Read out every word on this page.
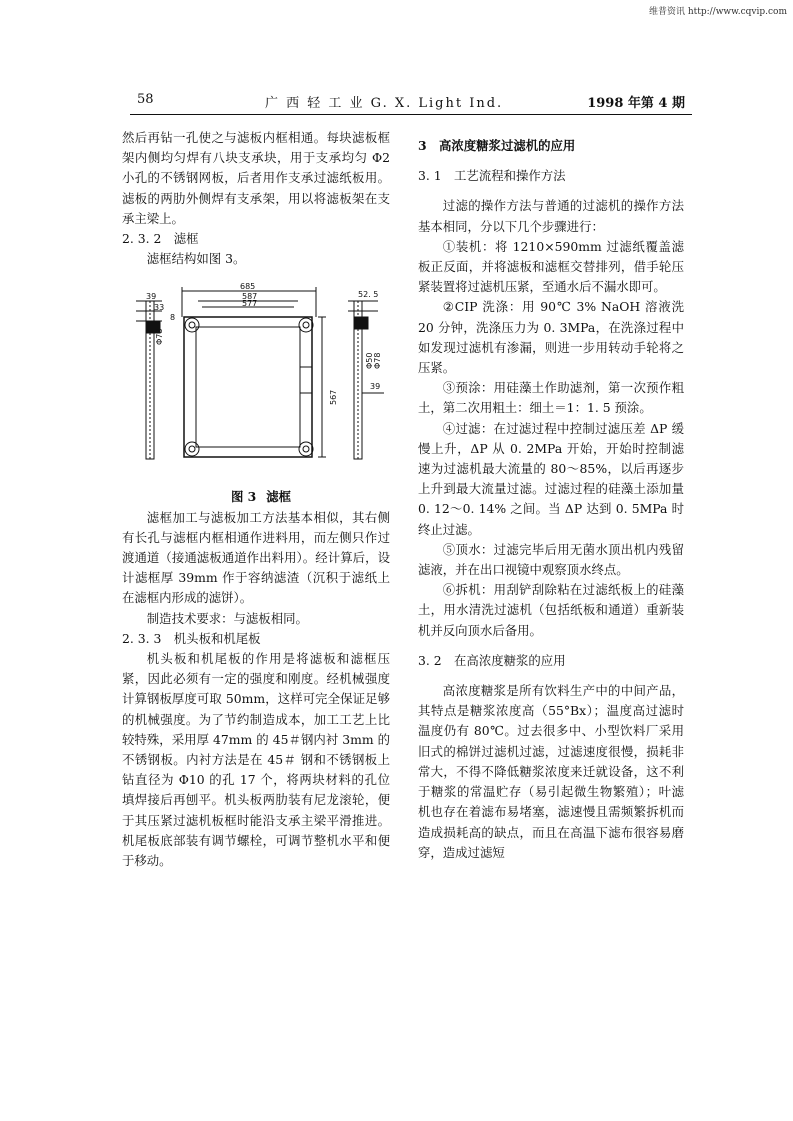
维普资讯 http://www.cqvip.com
58	广 西 轻 工 业 G. X. Light Ind.	1998 年第 4 期

然后再钻一孔使之与滤板内框相通。每块滤板框架内侧均匀焊有八块支承块，用于支承均匀 Φ2 小孔的不锈钢网板，后者用作支承过滤纸板用。滤板的两肋外侧焊有支承架，用以将滤板架在支承主梁上。

2. 3. 2　滤框

滤框结构如图 3。

39
33
8
Φ78
685
587
577
567
52. 5
Φ50 Φ78
39

图 3 滤框

滤框加工与滤板加工方法基本相似，其右侧有长孔与滤框内框相通作进料用，而左侧只作过渡通道（接通滤板通道作出料用）。经计算后，设计滤框厚 39mm 作于容纳滤渣（沉积于滤纸上在滤框内形成的滤饼）。

制造技术要求：与滤板相同。

2. 3. 3　机头板和机尾板

机头板和机尾板的作用是将滤板和滤框压紧，因此必须有一定的强度和刚度。经机械强度计算钢板厚度可取 50mm，这样可完全保证足够的机械强度。为了节约制造成本，加工工艺上比较特殊，采用厚 47mm 的 45＃钢内衬 3mm 的不锈钢板。内衬方法是在 45＃ 钢和不锈钢板上钻直径为 Φ10 的孔 17 个，将两块材料的孔位填焊接后再刨平。机头板两肋装有尼龙滚轮，便于其压紧过滤机板框时能沿支承主梁平滑推进。机尾板底部装有调节螺栓，可调节整机水平和便于移动。

3　高浓度糖浆过滤机的应用

3. 1　工艺流程和操作方法

过滤的操作方法与普通的过滤机的操作方法基本相同，分以下几个步骤进行：

①装机：将 1210×590mm 过滤纸覆盖滤板正反面，并将滤板和滤框交替排列，借手轮压紧装置将过滤机压紧，至通水后不漏水即可。

②CIP 洗涤：用 90℃ 3% NaOH 溶液洗 20 分钟，洗涤压力为 0. 3MPa，在洗涤过程中如发现过滤机有渗漏，则进一步用转动手轮将之压紧。

③预涂：用硅藻土作助滤剂，第一次预作粗土，第二次用粗土：细土＝1：1. 5 预涂。

④过滤：在过滤过程中控制过滤压差 ΔP 缓慢上升，ΔP 从 0. 2MPa 开始，开始时控制滤速为过滤机最大流量的 80～85%，以后再逐步上升到最大流量过滤。过滤过程的硅藻土添加量 0. 12～0. 14% 之间。当 ΔP 达到 0. 5MPa 时终止过滤。

⑤顶水：过滤完毕后用无菌水顶出机内残留滤液，并在出口视镜中观察顶水终点。

⑥拆机：用刮铲刮除粘在过滤纸板上的硅藻土，用水清洗过滤机（包括纸板和通道）重新装机并反向顶水后备用。

3. 2　在高浓度糖浆的应用

高浓度糖浆是所有饮料生产中的中间产品，其特点是糖浆浓度高（55°Bx）；温度高过滤时温度仍有 80℃。过去很多中、小型饮料厂采用旧式的棉饼过滤机过滤，过滤速度很慢，损耗非常大，不得不降低糖浆浓度来迁就设备，这不利于糖浆的常温贮存（易引起微生物繁殖）；叶滤机也存在着滤布易堵塞，滤速慢且需频繁拆机而造成损耗高的缺点，而且在高温下滤布很容易磨穿，造成过滤短
